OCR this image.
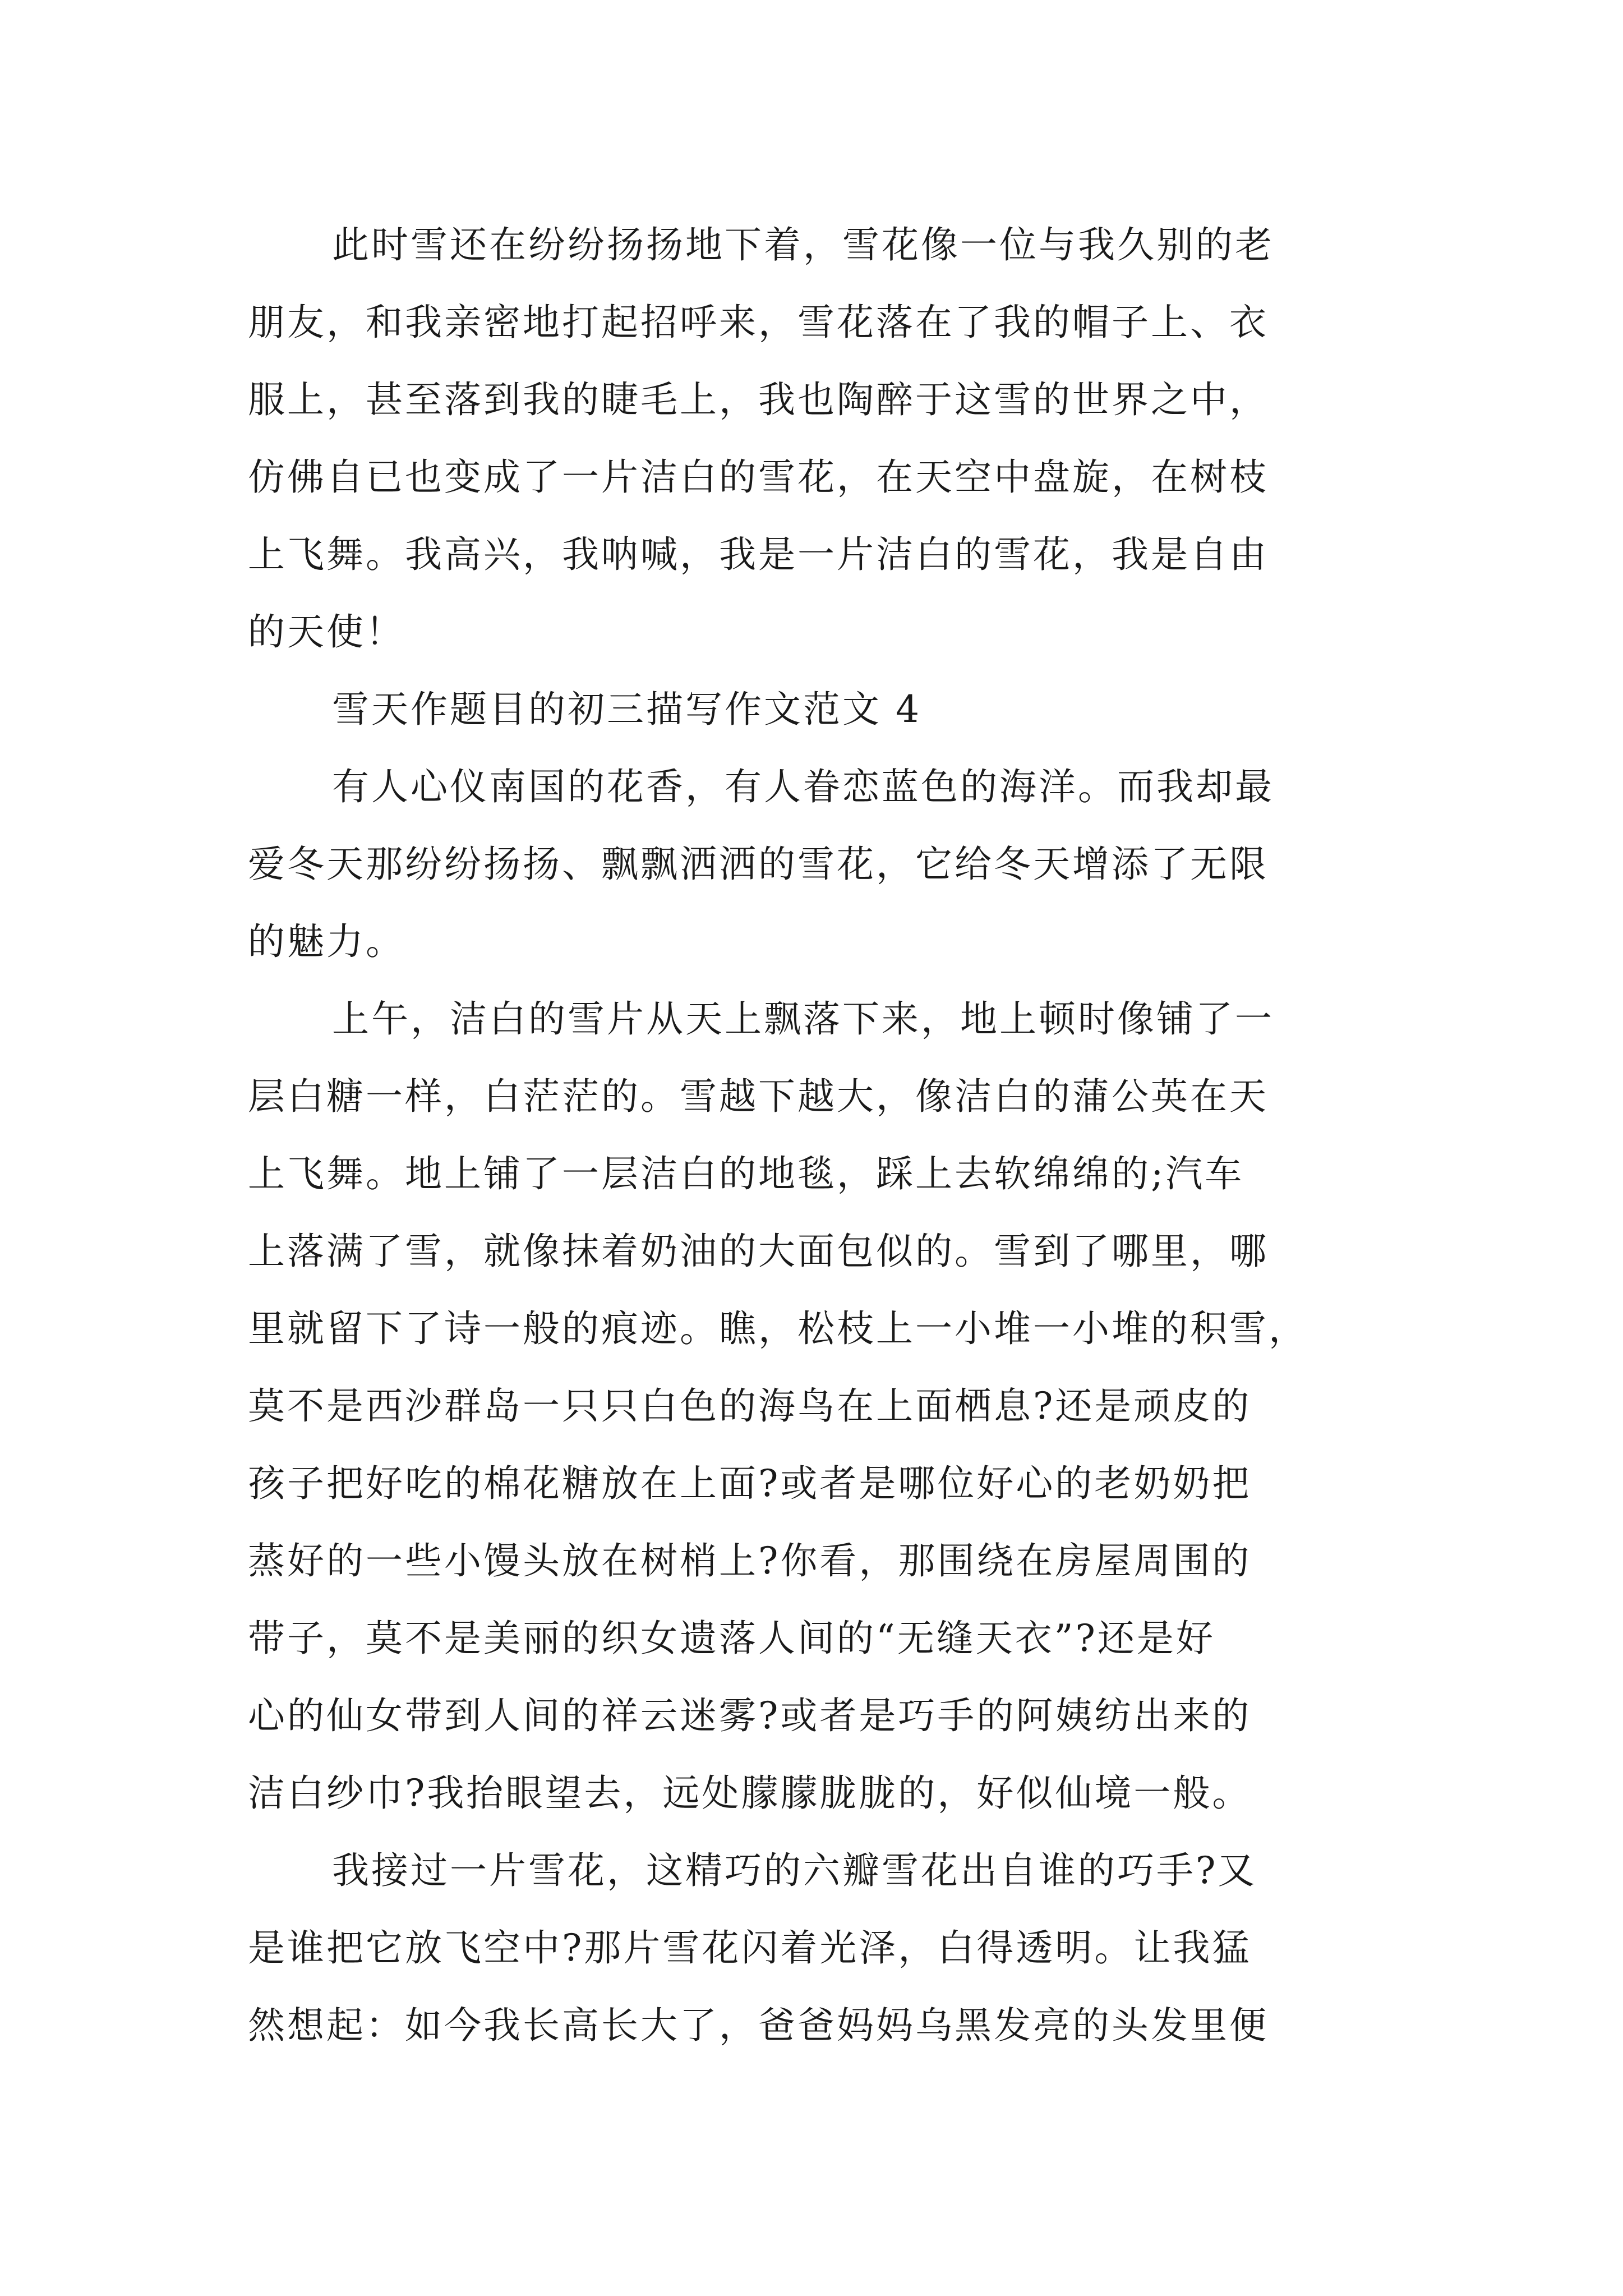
此时雪还在纷纷扬扬地下着，雪花像一位与我久别的老
朋友，和我亲密地打起招呼来，雪花落在了我的帽子上、衣
服上，甚至落到我的睫毛上，我也陶醉于这雪的世界之中，
仿佛自已也变成了一片洁白的雪花，在天空中盘旋，在树枝
上飞舞。我高兴，我呐喊，我是一片洁白的雪花，我是自由
的天使！

雪天作题目的初三描写作文范文 4

有人心仪南国的花香，有人眷恋蓝色的海洋。而我却最
爱冬天那纷纷扬扬、飘飘洒洒的雪花，它给冬天增添了无限
的魅力。

上午，洁白的雪片从天上飘落下来，地上顿时像铺了一
层白糖一样，白茫茫的。雪越下越大，像洁白的蒲公英在天
上飞舞。地上铺了一层洁白的地毯，踩上去软绵绵的;汽车
上落满了雪，就像抹着奶油的大面包似的。雪到了哪里，哪
里就留下了诗一般的痕迹。瞧，松枝上一小堆一小堆的积雪，
莫不是西沙群岛一只只白色的海鸟在上面栖息?还是顽皮的
孩子把好吃的棉花糖放在上面?或者是哪位好心的老奶奶把
蒸好的一些小馒头放在树梢上?你看，那围绕在房屋周围的
带子，莫不是美丽的织女遗落人间的“无缝天衣”?还是好
心的仙女带到人间的祥云迷雾?或者是巧手的阿姨纺出来的
洁白纱巾?我抬眼望去，远处朦朦胧胧的，好似仙境一般。

我接过一片雪花，这精巧的六瓣雪花出自谁的巧手?又
是谁把它放飞空中?那片雪花闪着光泽，白得透明。让我猛
然想起：如今我长高长大了，爸爸妈妈乌黑发亮的头发里便
